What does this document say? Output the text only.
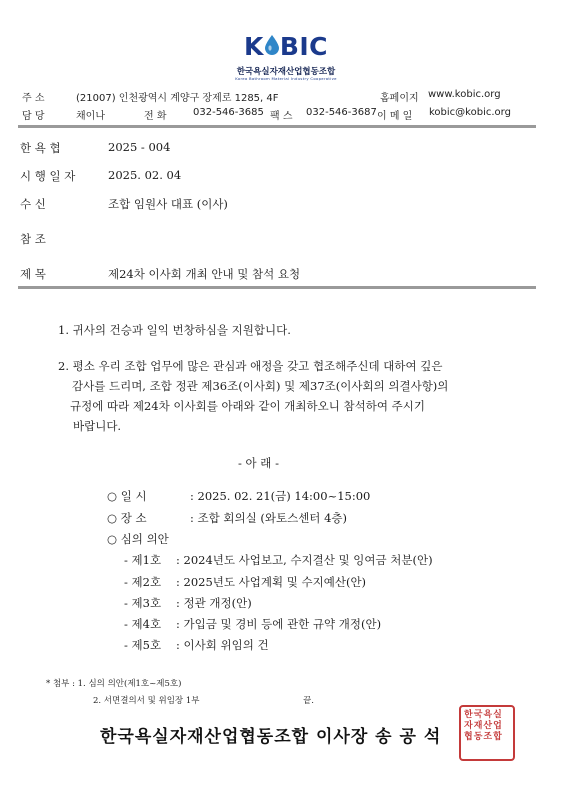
K BIC
한국욕실자재산업협동조합
Korea Bathroom Material Industry Cooperative
주 소	(21007) 인천광역시 계양구 장제로 1285, 4F	홈페이지 www.kobic.org
담 당	채이나	전 화	032-546-3685 팩 스 032-546-3687 이 메 일 kobic@kobic.org
한 욕 협	2025 - 004
시 행 일 자	2025. 02. 04
수 신	조합 임원사 대표 (이사)
참 조
제 목	제24차 이사회 개최 안내 및 참석 요청
1. 귀사의 건승과 일익 번창하심을 지원합니다.
2. 평소 우리 조합 업무에 많은 관심과 애정을 갖고 협조해주신데 대하여 깊은
감사를 드리며, 조합 정관 제36조(이사회) 및 제37조(이사회의 의결사항)의
규정에 따라 제24차 이사회를 아래와 같이 개최하오니 참석하여 주시기
바랍니다.
- 아 래 -
○ 일 시	: 2025. 02. 21(금) 14:00~15:00
○ 장 소	: 조합 회의실 (와토스센터 4층)
○ 심의 의안
- 제1호 : 2024년도 사업보고, 수지결산 및 잉여금 처분(안)
- 제2호 : 2025년도 사업계획 및 수지예산(안)
- 제3호 : 정관 개정(안)
- 제4호 : 가입금 및 경비 등에 관한 규약 개정(안)
- 제5호 : 이사회 위임의 건
* 첨부 : 1. 심의 의안(제1호~제5호)
2. 서면결의서 및 위임장 1부	끝.
한국욕실자재산업협동조합 이사장 송 공 석
한국욕실자재산업협동조합
